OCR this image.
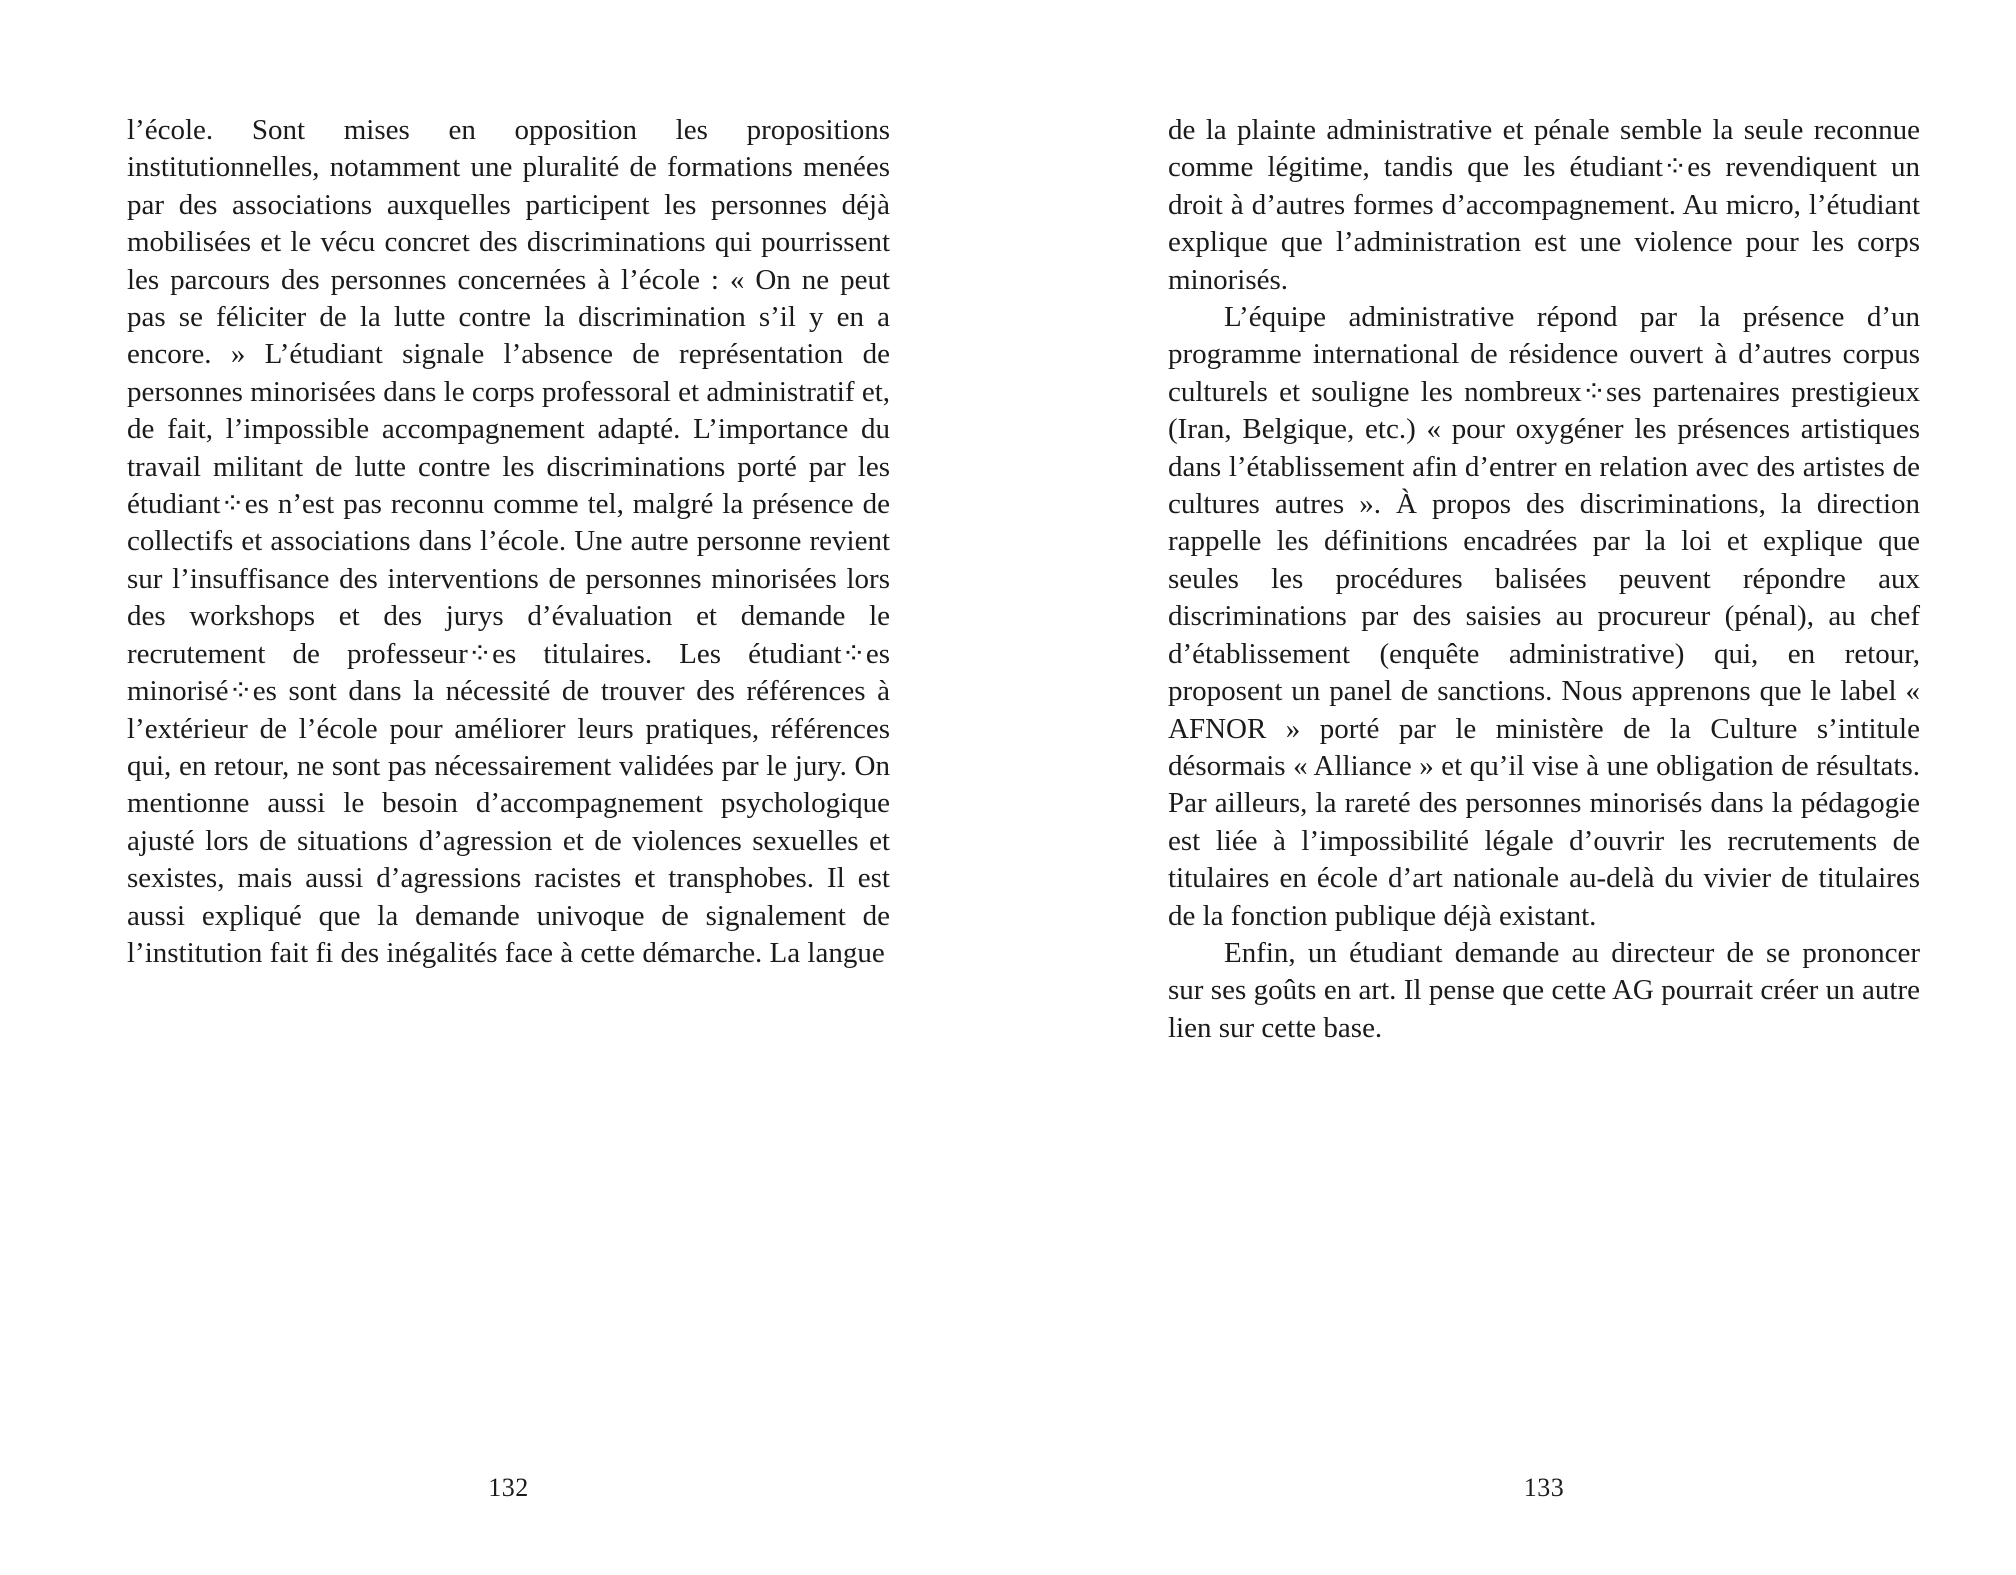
l’école. Sont mises en opposition les propositions institutionnelles, notamment une pluralité de formations menées par des associations auxquelles participent les personnes déjà mobilisées et le vécu concret des discriminations qui pourrissent les parcours des personnes concernées à l’école : « On ne peut pas se féliciter de la lutte contre la discrimination s’il y en a encore. » L’étudiant signale l’absence de représentation de personnes minorisées dans le corps professoral et administratif et, de fait, l’impossible accompagnement adapté. L’importance du travail militant de lutte contre les discriminations porté par les étudiant⁘es n’est pas reconnu comme tel, malgré la présence de collectifs et associations dans l’école. Une autre personne revient sur l’insuffisance des interventions de personnes minorisées lors des workshops et des jurys d’évaluation et demande le recrutement de professeur⁘es titulaires. Les étudiant⁘es minorisé⁘es sont dans la nécessité de trouver des références à l’extérieur de l’école pour améliorer leurs pratiques, références qui, en retour, ne sont pas nécessairement validées par le jury. On mentionne aussi le besoin d’accompagnement psychologique ajusté lors de situations d’agression et de violences sexuelles et sexistes, mais aussi d’agressions racistes et transphobes. Il est aussi expliqué que la demande univoque de signalement de l’institution fait fi des inégalités face à cette démarche. La langue

132

de la plainte administrative et pénale semble la seule reconnue comme légitime, tandis que les étudiant⁘es revendiquent un droit à d’autres formes d’accompagnement. Au micro, l’étudiant explique que l’administration est une violence pour les corps minorisés.

L’équipe administrative répond par la présence d’un programme international de résidence ouvert à d’autres corpus culturels et souligne les nombreux⁘ses partenaires prestigieux (Iran, Belgique, etc.) « pour oxygéner les présences artistiques dans l’établissement afin d’entrer en relation avec des artistes de cultures autres ». À propos des discriminations, la direction rappelle les définitions encadrées par la loi et explique que seules les procédures balisées peuvent répondre aux discriminations par des saisies au procureur (pénal), au chef d’établissement (enquête administrative) qui, en retour, proposent un panel de sanctions. Nous apprenons que le label « AFNOR » porté par le ministère de la Culture s’intitule désormais « Alliance » et qu’il vise à une obligation de résultats. Par ailleurs, la rareté des personnes minorisés dans la pédagogie est liée à l’impossibilité légale d’ouvrir les recrutements de titulaires en école d’art nationale au-delà du vivier de titulaires de la fonction publique déjà existant.

Enfin, un étudiant demande au directeur de se prononcer sur ses goûts en art. Il pense que cette AG pourrait créer un autre lien sur cette base.

133
